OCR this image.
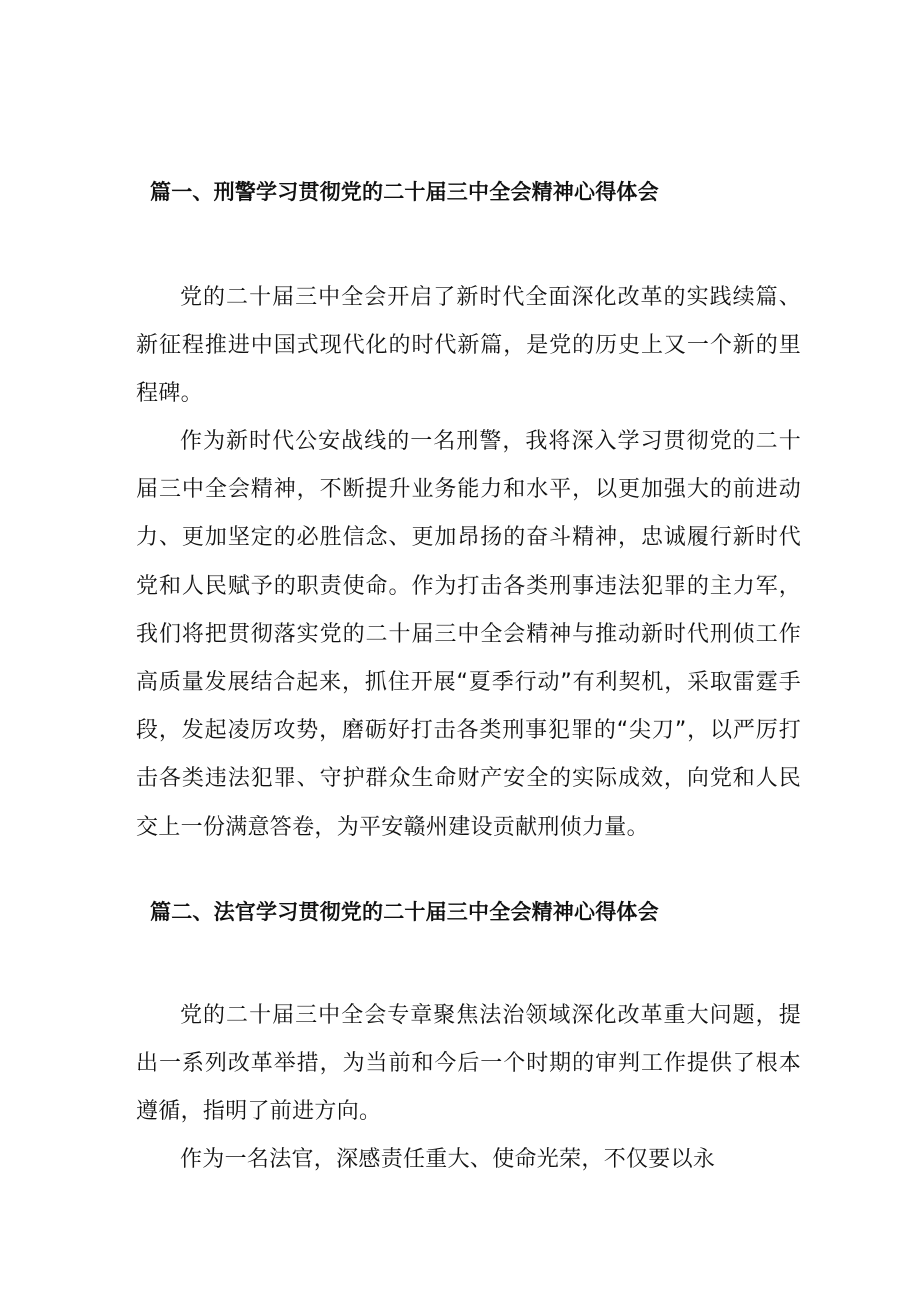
篇一、刑警学习贯彻党的二十届三中全会精神心得体会

党的二十届三中全会开启了新时代全面深化改革的实践续篇、新征程推进中国式现代化的时代新篇，是党的历史上又一个新的里程碑。

作为新时代公安战线的一名刑警，我将深入学习贯彻党的二十届三中全会精神，不断提升业务能力和水平，以更加强大的前进动力、更加坚定的必胜信念、更加昂扬的奋斗精神，忠诚履行新时代党和人民赋予的职责使命。作为打击各类刑事违法犯罪的主力军，我们将把贯彻落实党的二十届三中全会精神与推动新时代刑侦工作高质量发展结合起来，抓住开展“夏季行动”有利契机，采取雷霆手段，发起凌厉攻势，磨砺好打击各类刑事犯罪的“尖刀”，以严厉打击各类违法犯罪、守护群众生命财产安全的实际成效，向党和人民交上一份满意答卷，为平安赣州建设贡献刑侦力量。

篇二、法官学习贯彻党的二十届三中全会精神心得体会

党的二十届三中全会专章聚焦法治领域深化改革重大问题，提出一系列改革举措，为当前和今后一个时期的审判工作提供了根本遵循，指明了前进方向。

作为一名法官，深感责任重大、使命光荣，不仅要以永
